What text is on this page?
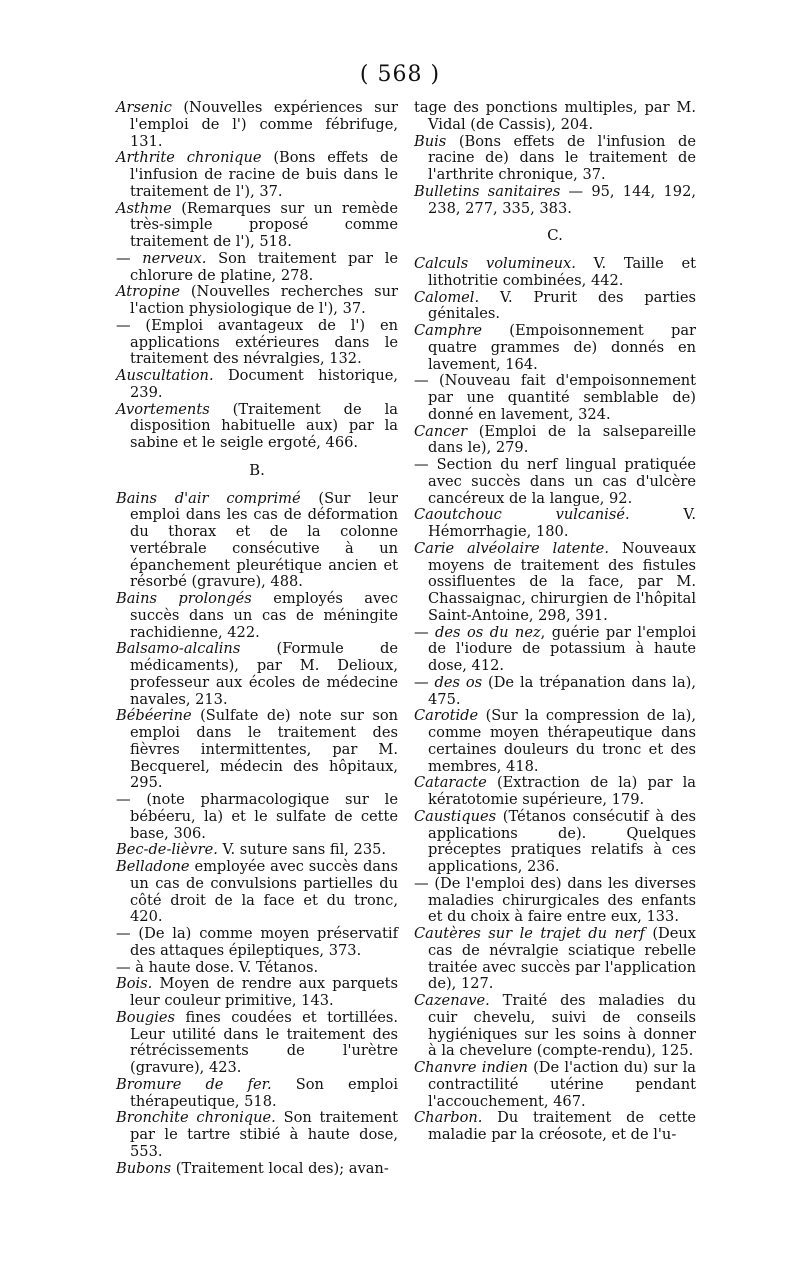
( 568 )
Arsenic (Nouvelles expériences sur l'emploi de l') comme fébrifuge, 131.
Arthrite chronique (Bons effets de l'infusion de racine de buis dans le traitement de l'), 37.
Asthme (Remarques sur un remède très-simple proposé comme traitement de l'), 518.
— nerveux. Son traitement par le chlorure de platine, 278.
Atropine (Nouvelles recherches sur l'action physiologique de l'), 37.
— (Emploi avantageux de l') en applications extérieures dans le traitement des névralgies, 132.
Auscultation. Document historique, 239.
Avortements (Traitement de la disposition habituelle aux) par la sabine et le seigle ergoté, 466.
B.
Bains d'air comprimé (Sur leur emploi dans les cas de déformation du thorax et de la colonne vertébrale consécutive à un épanchement pleurétique ancien et résorbé (gravure), 488.
Bains prolongés employés avec succès dans un cas de méningite rachidienne, 422.
Balsamo-alcalins (Formule de médicaments), par M. Delioux, professeur aux écoles de médecine navales, 213.
Bébéerine (Sulfate de) note sur son emploi dans le traitement des fièvres intermittentes, par M. Becquerel, médecin des hôpitaux, 295.
— (note pharmacologique sur le bébéeru, la) et le sulfate de cette base, 306.
Bec-de-lièvre. V. suture sans fil, 235.
Belladone employée avec succès dans un cas de convulsions partielles du côté droit de la face et du tronc, 420.
— (De la) comme moyen préservatif des attaques épileptiques, 373.
— à haute dose. V. Tétanos.
Bois. Moyen de rendre aux parquets leur couleur primitive, 143.
Bougies fines coudées et tortillées. Leur utilité dans le traitement des rétrécissements de l'urètre (gravure), 423.
Bromure de fer. Son emploi thérapeutique, 518.
Bronchite chronique. Son traitement par le tartre stibié à haute dose, 553.
Bubons (Traitement local des); avan-
tage des ponctions multiples, par M. Vidal (de Cassis), 204.
Buis (Bons effets de l'infusion de racine de) dans le traitement de l'arthrite chronique, 37.
Bulletins sanitaires — 95, 144, 192, 238, 277, 335, 383.
C.
Calculs volumineux. V. Taille et lithotritie combinées, 442.
Calomel. V. Prurit des parties génitales.
Camphre (Empoisonnement par quatre grammes de) donnés en lavement, 164.
— (Nouveau fait d'empoisonnement par une quantité semblable de) donné en lavement, 324.
Cancer (Emploi de la salsepareille dans le), 279.
— Section du nerf lingual pratiquée avec succès dans un cas d'ulcère cancéreux de la langue, 92.
Caoutchouc vulcanisé. V. Hémorrhagie, 180.
Carie alvéolaire latente. Nouveaux moyens de traitement des fistules ossifluentes de la face, par M. Chassaignac, chirurgien de l'hôpital Saint-Antoine, 298, 391.
— des os du nez, guérie par l'emploi de l'iodure de potassium à haute dose, 412.
— des os (De la trépanation dans la), 475.
Carotide (Sur la compression de la), comme moyen thérapeutique dans certaines douleurs du tronc et des membres, 418.
Cataracte (Extraction de la) par la kératotomie supérieure, 179.
Caustiques (Tétanos consécutif à des applications de). Quelques préceptes pratiques relatifs à ces applications, 236.
— (De l'emploi des) dans les diverses maladies chirurgicales des enfants et du choix à faire entre eux, 133.
Cautères sur le trajet du nerf (Deux cas de névralgie sciatique rebelle traitée avec succès par l'application de), 127.
Cazenave. Traité des maladies du cuir chevelu, suivi de conseils hygiéniques sur les soins à donner à la chevelure (compte-rendu), 125.
Chanvre indien (De l'action du) sur la contractilité utérine pendant l'accouchement, 467.
Charbon. Du traitement de cette maladie par la créosote, et de l'u-
